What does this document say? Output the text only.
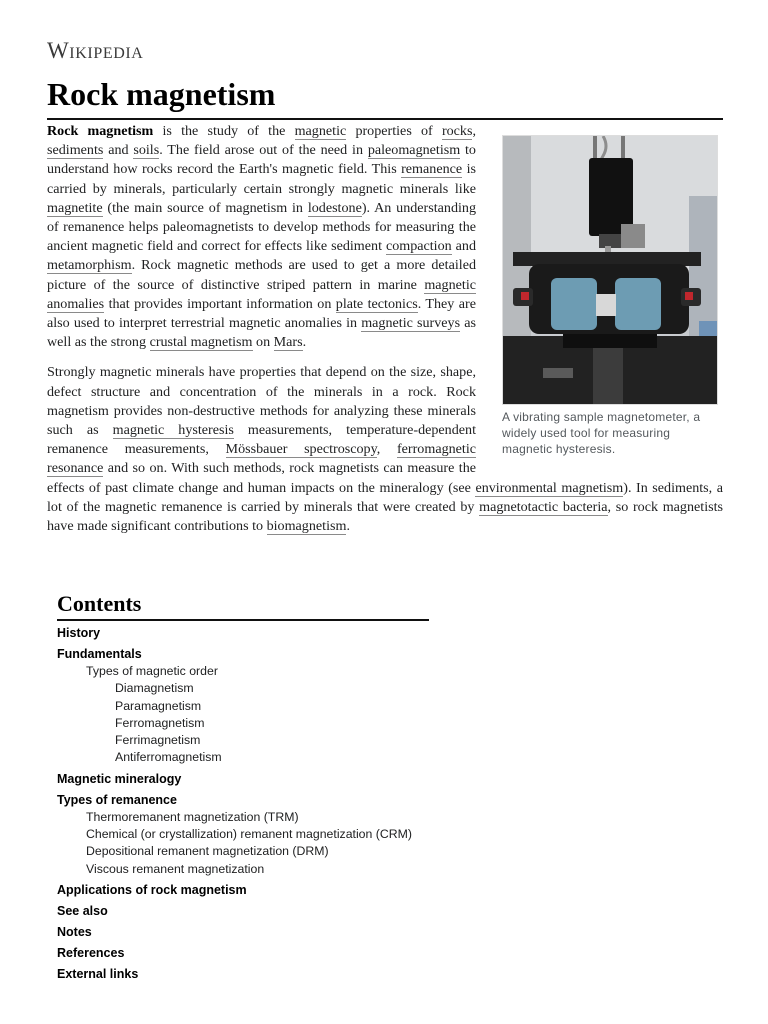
Wikipedia
Rock magnetism
A vibrating sample magnetometer, a widely used tool for measuring magnetic hysteresis.

Rock magnetism is the study of the magnetic properties of rocks, sediments and soils. The field arose out of the need in paleomagnetism to understand how rocks record the Earth's magnetic field. This remanence is carried by minerals, particularly certain strongly magnetic minerals like magnetite (the main source of magnetism in lodestone). An understanding of remanence helps paleomagnetists to develop methods for measuring the ancient magnetic field and correct for effects like sediment compaction and metamorphism. Rock magnetic methods are used to get a more detailed picture of the source of distinctive striped pattern in marine magnetic anomalies that provides important information on plate tectonics. They are also used to interpret terrestrial magnetic anomalies in magnetic surveys as well as the strong crustal magnetism on Mars.

Strongly magnetic minerals have properties that depend on the size, shape, defect structure and concentration of the minerals in a rock. Rock magnetism provides non-destructive methods for analyzing these minerals such as magnetic hysteresis measurements, temperature-dependent remanence measurements, Mössbauer spectroscopy, ferromagnetic resonance and so on. With such methods, rock magnetists can measure the effects of past climate change and human impacts on the mineralogy (see environmental magnetism). In sediments, a lot of the magnetic remanence is carried by minerals that were created by magnetotactic bacteria, so rock magnetists have made significant contributions to biomagnetism.

Contents
History
Fundamentals
Types of magnetic order
Diamagnetism
Paramagnetism
Ferromagnetism
Ferrimagnetism
Antiferromagnetism
Magnetic mineralogy
Types of remanence
Thermoremanent magnetization (TRM)
Chemical (or crystallization) remanent magnetization (CRM)
Depositional remanent magnetization (DRM)
Viscous remanent magnetization
Applications of rock magnetism
See also
Notes
References
External links
